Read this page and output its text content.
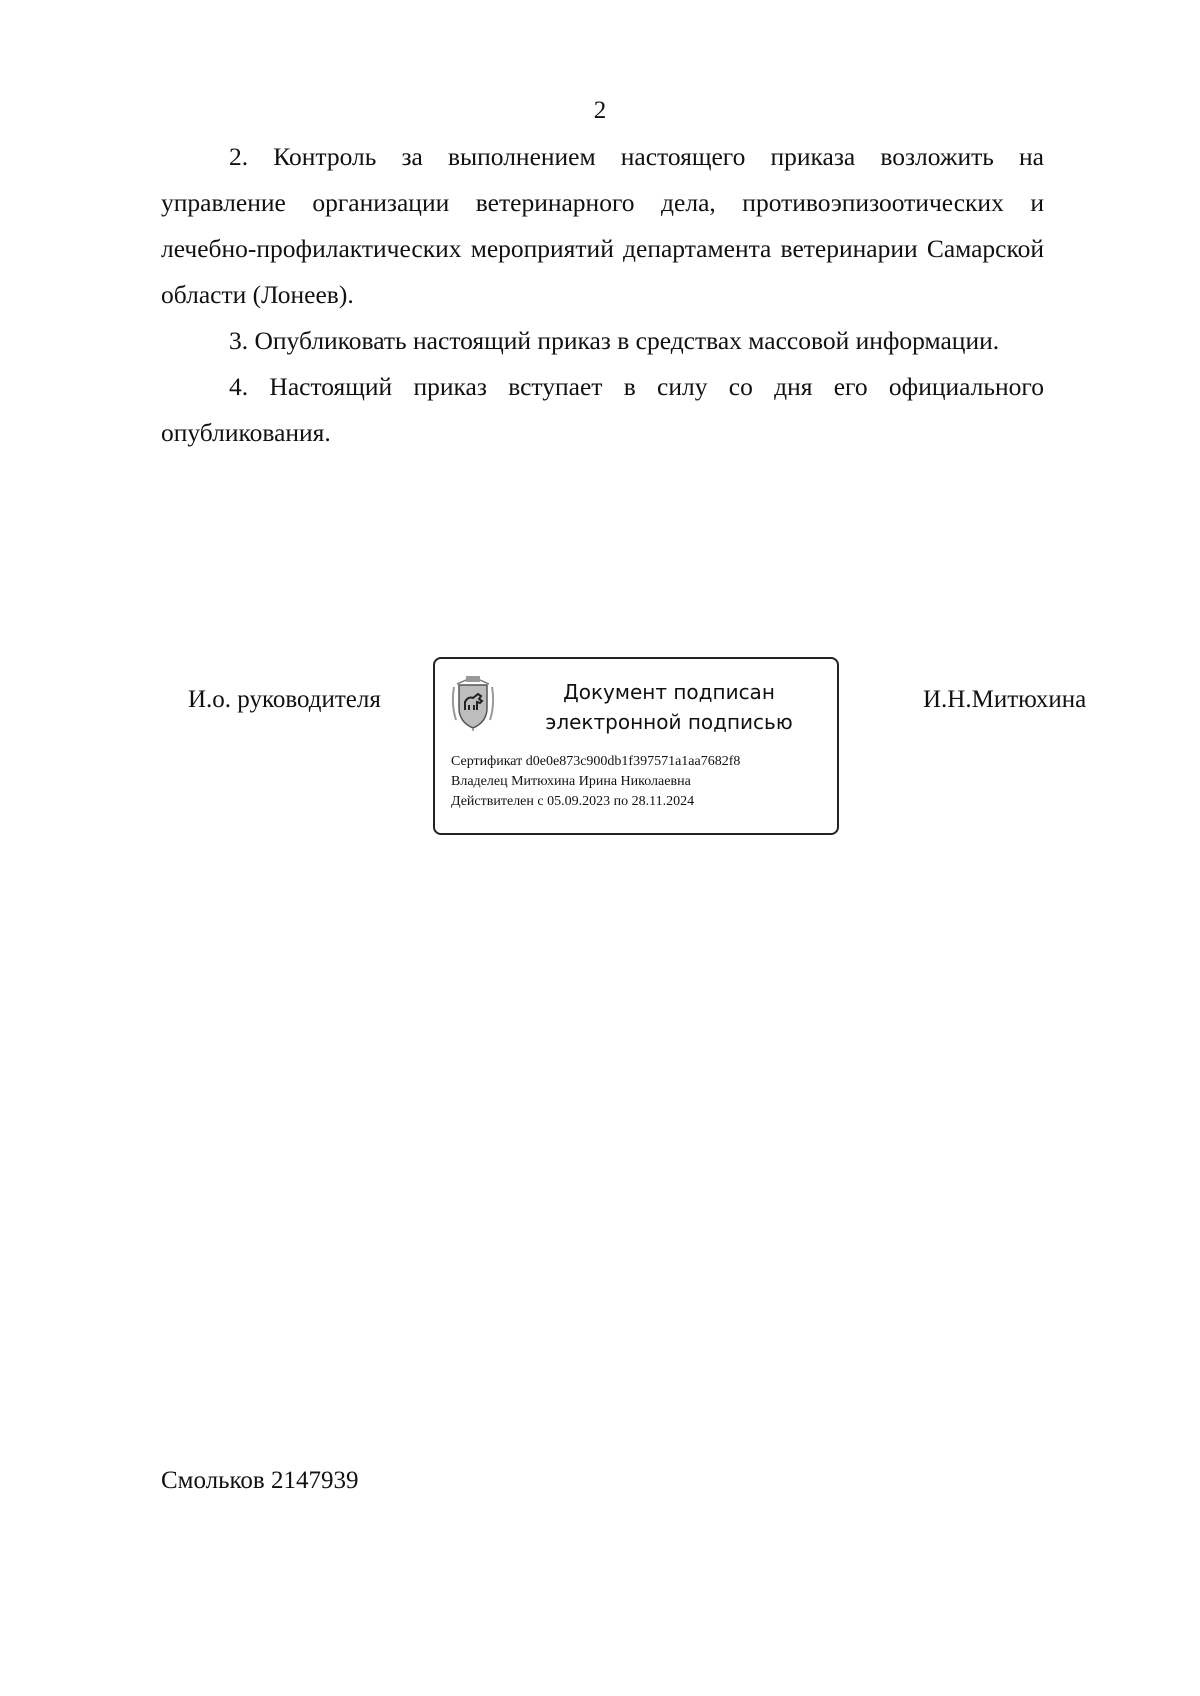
2

2. Контроль за выполнением настоящего приказа возложить на управление организации ветеринарного дела, противоэпизоотических и лечебно-профилактических мероприятий департамента ветеринарии Самарской области (Лонеев).

3. Опубликовать настоящий приказ в средствах массовой информации.

4. Настоящий приказ вступает в силу со дня его официального опубликования.

И.о. руководителя	Документ подписан
электронной подписью
Сертификат d0e0e873c900db1f397571a1aa7682f8
Владелец Митюхина Ирина Николаевна
Действителен с 05.09.2023 по 28.11.2024
И.Н.Митюхина
Смольков 2147939
